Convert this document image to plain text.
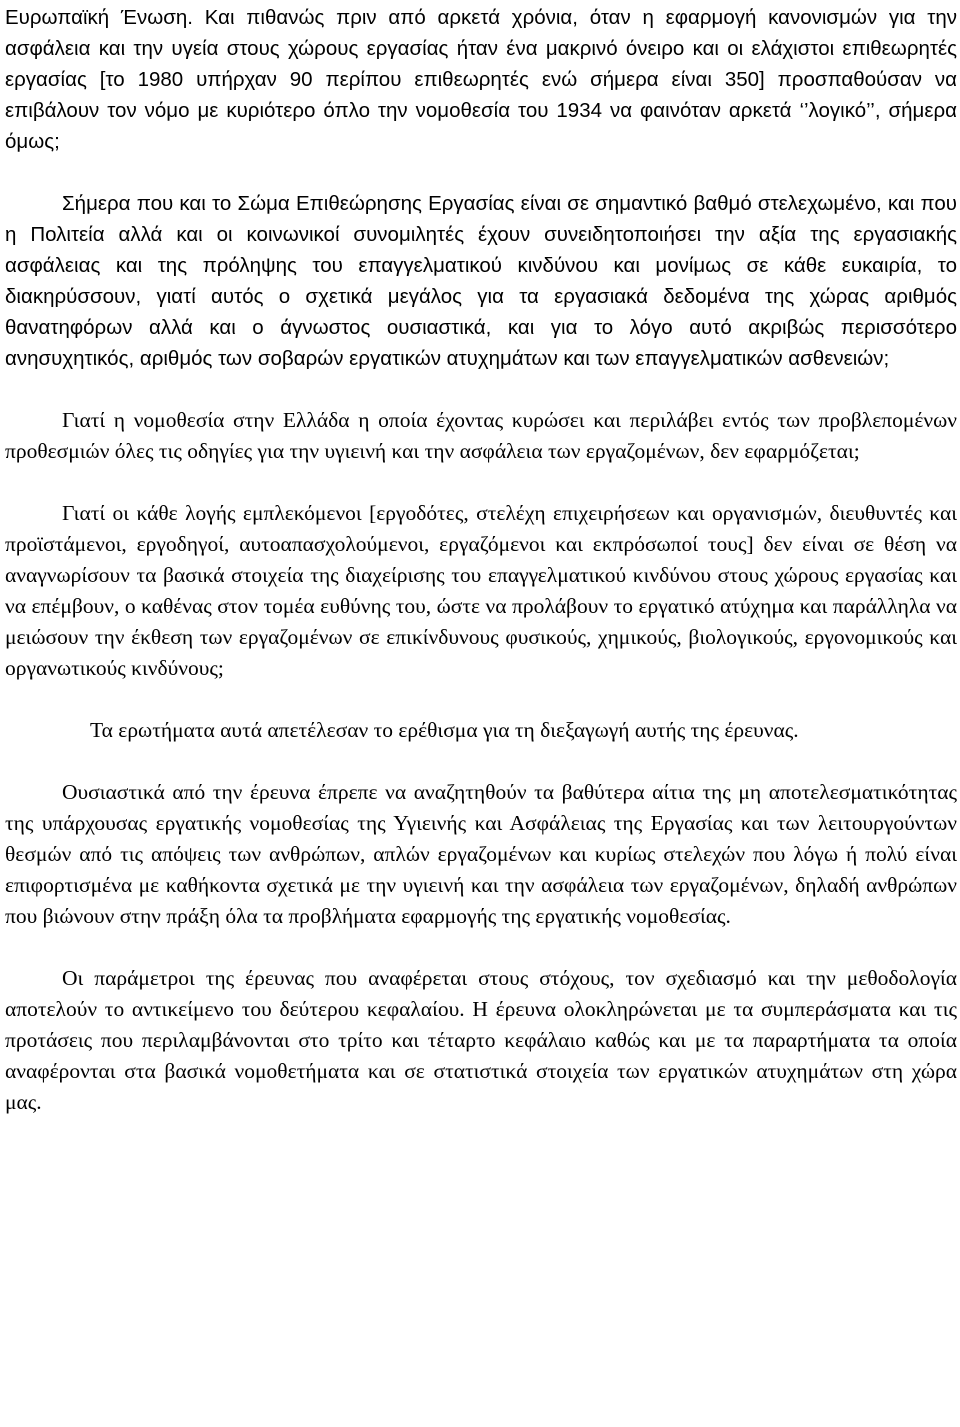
Ευρωπαϊκή Ένωση. Και πιθανώς πριν από αρκετά χρόνια, όταν η εφαρμογή κανονισμών για την ασφάλεια και την υγεία στους χώρους εργασίας ήταν ένα μακρινό όνειρο και οι ελάχιστοι επιθεωρητές εργασίας [το 1980 υπήρχαν 90 περίπου επιθεωρητές ενώ σήμερα είναι 350] προσπαθούσαν να επιβάλουν τον νόμο με κυριότερο όπλο την νομοθεσία του 1934 να φαινόταν αρκετά ‘’λογικό’’, σήμερα όμως;

Σήμερα που και το Σώμα Επιθεώρησης Εργασίας είναι σε σημαντικό βαθμό στελεχωμένο, και που η Πολιτεία αλλά και οι κοινωνικοί συνομιλητές έχουν συνειδητοποιήσει την αξία της εργασιακής ασφάλειας και της πρόληψης του επαγγελματικού κινδύνου και μονίμως σε κάθε ευκαιρία, το διακηρύσσουν, γιατί αυτός ο σχετικά μεγάλος για τα εργασιακά δεδομένα της χώρας αριθμός θανατηφόρων αλλά και ο άγνωστος ουσιαστικά, και για το λόγο αυτό ακριβώς περισσότερο ανησυχητικός, αριθμός των σοβαρών εργατικών ατυχημάτων και των επαγγελματικών ασθενειών;

Γιατί η νομοθεσία στην Ελλάδα η οποία έχοντας κυρώσει και περιλάβει εντός των προβλεπομένων προθεσμιών όλες τις οδηγίες για την υγιεινή και την ασφάλεια των εργαζομένων, δεν εφαρμόζεται;

Γιατί οι κάθε λογής εμπλεκόμενοι [εργοδότες, στελέχη επιχειρήσεων και οργανισμών, διευθυντές και προϊστάμενοι, εργοδηγοί, αυτοαπασχολούμενοι, εργαζόμενοι και εκπρόσωποί τους] δεν είναι σε θέση να αναγνωρίσουν τα βασικά στοιχεία της διαχείρισης του επαγγελματικού κινδύνου στους χώρους εργασίας και να επέμβουν, ο καθένας στον τομέα ευθύνης του, ώστε να προλάβουν το εργατικό ατύχημα και παράλληλα να μειώσουν την έκθεση των εργαζομένων σε επικίνδυνους φυσικούς, χημικούς, βιολογικούς, εργονομικούς και οργανωτικούς κινδύνους;

Τα ερωτήματα αυτά απετέλεσαν το ερέθισμα για τη διεξαγωγή αυτής της έρευνας.

Ουσιαστικά από την έρευνα έπρεπε να αναζητηθούν τα βαθύτερα αίτια της μη αποτελεσματικότητας της υπάρχουσας εργατικής νομοθεσίας της Υγιεινής και Ασφάλειας της Εργασίας και των λειτουργούντων θεσμών από τις απόψεις των ανθρώπων, απλών εργαζομένων και κυρίως στελεχών που λόγω ή πολύ είναι επιφορτισμένα με καθήκοντα σχετικά με την υγιεινή και την ασφάλεια των εργαζομένων, δηλαδή ανθρώπων που βιώνουν στην πράξη όλα τα προβλήματα εφαρμογής της εργατικής νομοθεσίας.

Οι παράμετροι της έρευνας που αναφέρεται στους στόχους, τον σχεδιασμό και την μεθοδολογία αποτελούν το αντικείμενο του δεύτερου κεφαλαίου. Η έρευνα ολοκληρώνεται με τα συμπεράσματα και τις προτάσεις που περιλαμβάνονται στο τρίτο και τέταρτο κεφάλαιο καθώς και με τα παραρτήματα τα οποία αναφέρονται στα βασικά νομοθετήματα και σε στατιστικά στοιχεία των εργατικών ατυχημάτων στη χώρα μας.
